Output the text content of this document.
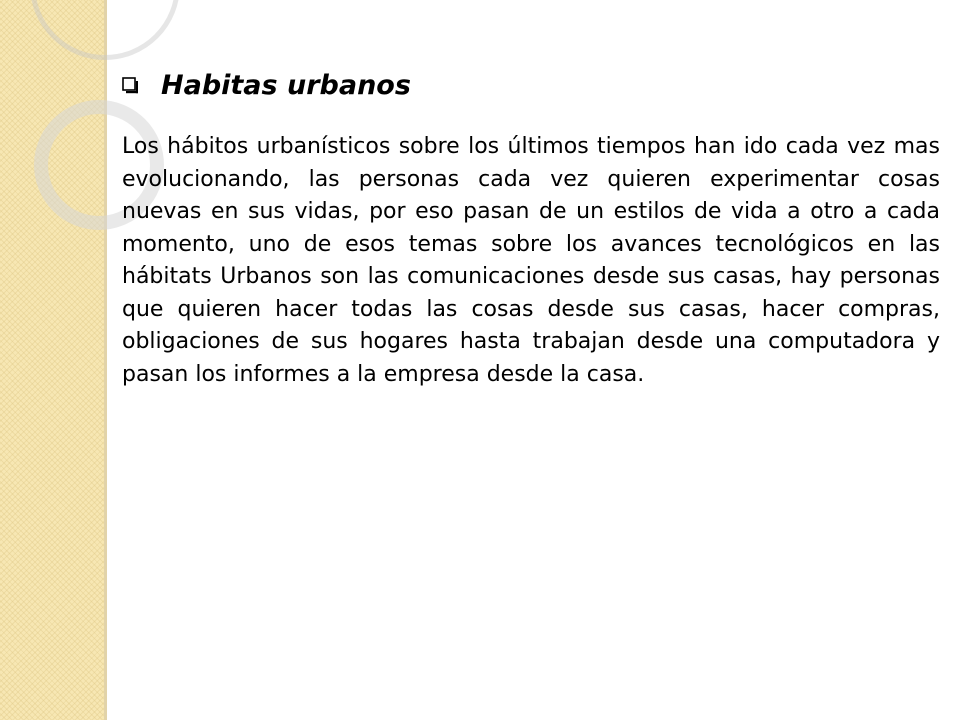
Habitas urbanos

Los hábitos urbanísticos sobre los últimos tiempos han ido cada vez mas evolucionando, las personas cada vez quieren experimentar cosas nuevas en sus vidas, por eso pasan de un estilos de vida a otro a cada momento, uno de esos temas sobre los avances tecnológicos en las hábitats Urbanos son las comunicaciones desde sus casas, hay personas que quieren hacer todas las cosas desde sus casas, hacer compras, obligaciones de sus hogares hasta trabajan desde una computadora y pasan los informes a la empresa desde la casa.
